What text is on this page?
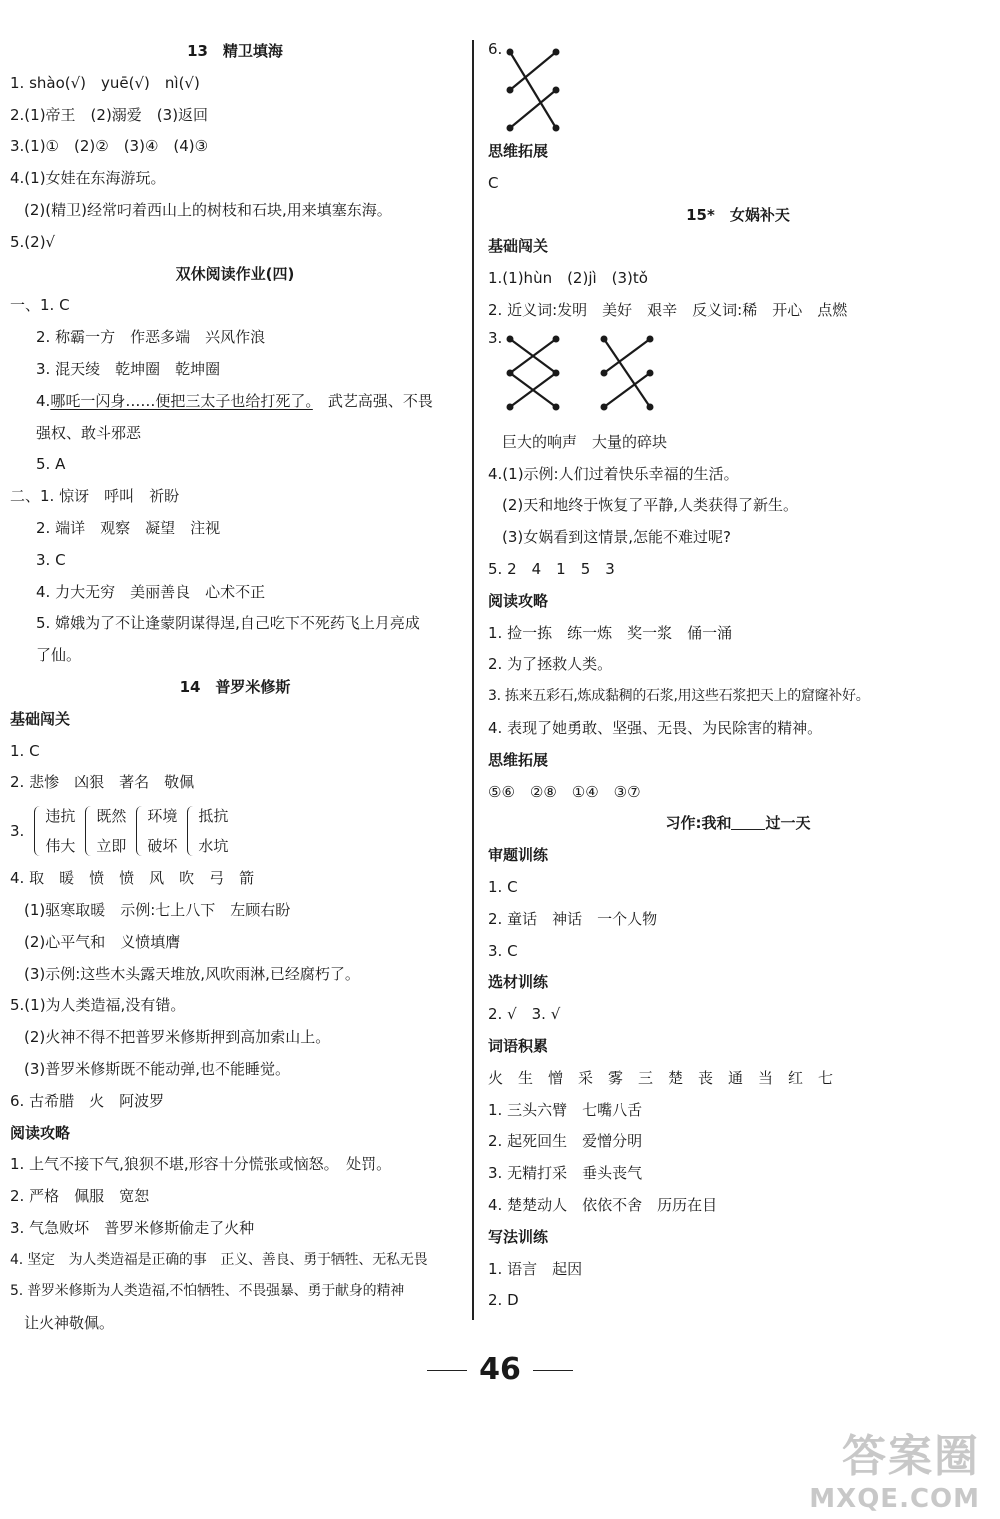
13　精卫填海
1. shào(√)　yuē(√)　nì(√)
2.(1)帝王　(2)溺爱　(3)返回
3.(1)①　(2)②　(3)④　(4)③
4.(1)女娃在东海游玩。
(2)(精卫)经常叼着西山上的树枝和石块,用来填塞东海。
5.(2)√
双休阅读作业(四)
一、1. C
2. 称霸一方　作恶多端　兴风作浪
3. 混天绫　乾坤圈　乾坤圈
4.哪吒一闪身……便把三太子也给打死了。　武艺高强、不畏
强权、敢斗邪恶
5. A
二、1. 惊讶　呼叫　祈盼
2. 端详　观察　凝望　注视
3. C
4. 力大无穷　美丽善良　心术不正
5. 嫦娥为了不让逢蒙阴谋得逞,自己吃下不死药飞上月亮成
了仙。
14　普罗米修斯
基础闯关
1. C
2. 悲惨　凶狠　著名　敬佩
3.
违抗
伟大
既然
立即
环境
破坏
抵抗
水坑
4. 取　暖　愤　愤　风　吹　弓　箭
(1)驱寒取暖　示例:七上八下　左顾右盼
(2)心平气和　义愤填膺
(3)示例:这些木头露天堆放,风吹雨淋,已经腐朽了。
5.(1)为人类造福,没有错。
(2)火神不得不把普罗米修斯押到高加索山上。
(3)普罗米修斯既不能动弹,也不能睡觉。
6. 古希腊　火　阿波罗
阅读攻略
1. 上气不接下气,狼狈不堪,形容十分慌张或恼怒。　处罚。
2. 严格　佩服　宽恕
3. 气急败坏　普罗米修斯偷走了火种
4. 坚定　为人类造福是正确的事　正义、善良、勇于牺牲、无私无畏
5. 普罗米修斯为人类造福,不怕牺牲、不畏强暴、勇于献身的精神
让火神敬佩。
6.
思维拓展
C
15*　女娲补天
基础闯关
1.(1)hùn　(2)jì　(3)tǒ
2. 近义词:发明　美好　艰辛　反义词:稀　开心　点燃
3.
巨大的响声　大量的碎块
4.(1)示例:人们过着快乐幸福的生活。
(2)天和地终于恢复了平静,人类获得了新生。
(3)女娲看到这情景,怎能不难过呢?
5. 2　4　1　5　3
阅读攻略
1. 捡一拣　练一炼　奖一浆　俑一涌
2. 为了拯救人类。
3. 拣来五彩石,炼成黏稠的石浆,用这些石浆把天上的窟窿补好。
4. 表现了她勇敢、坚强、无畏、为民除害的精神。
思维拓展
⑤⑥　②⑧　①④　③⑦
习作:我和 过一天
审题训练
1. C
2. 童话　神话　一个人物
3. C
选材训练
2. √　3. √
词语积累
火　生　憎　采　雾　三　楚　丧　通　当　红　七
1. 三头六臂　七嘴八舌
2. 起死回生　爱憎分明
3. 无精打采　垂头丧气
4. 楚楚动人　依依不舍　历历在目
写法训练
1. 语言　起因
2. D
46
答案圈
MXQE.COM
